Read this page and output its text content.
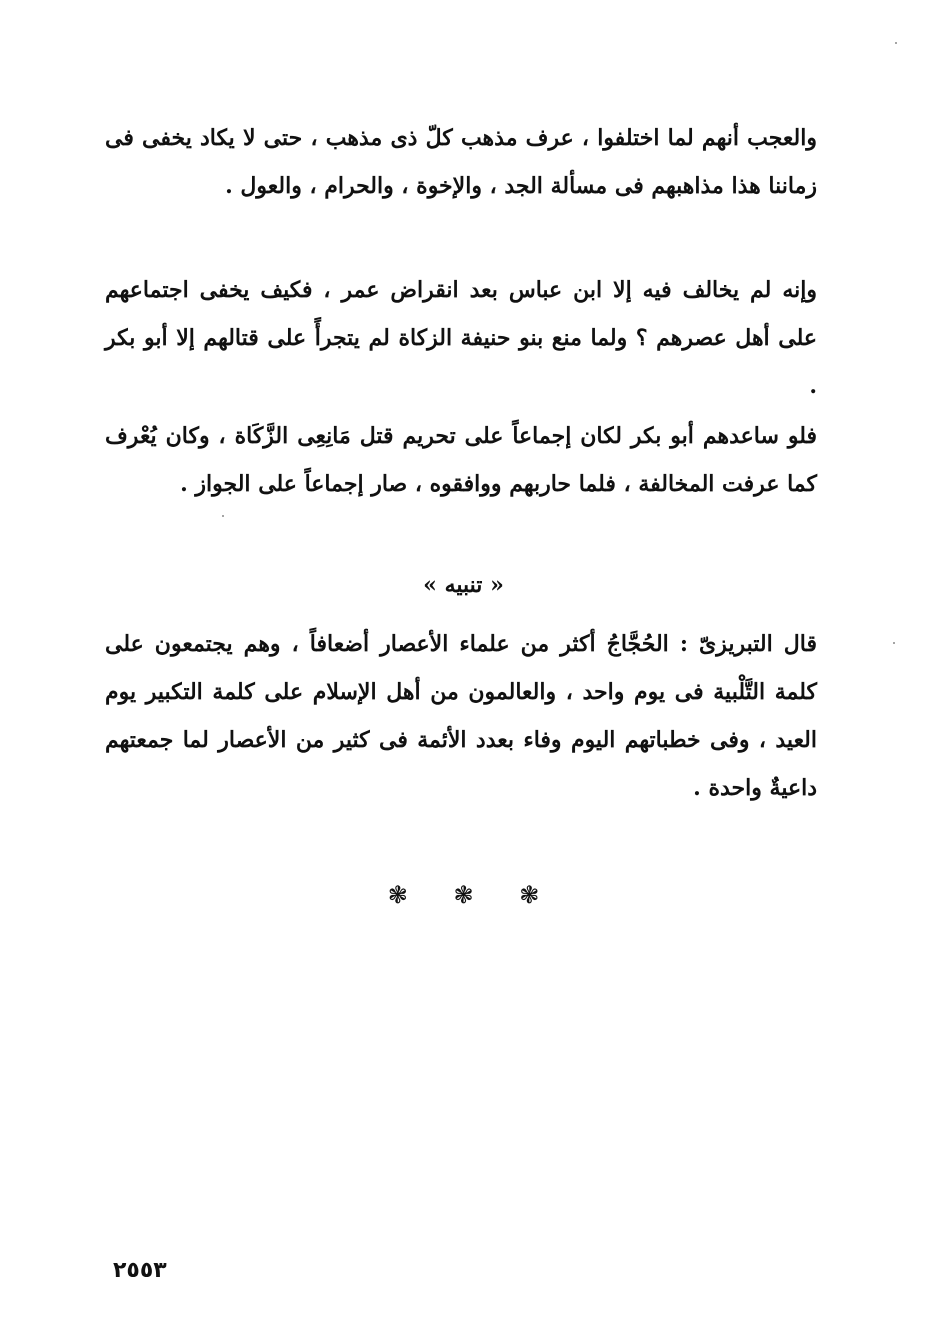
والعجب أنهم لما اختلفوا ، عرف مذهب كلّ ذى مذهب ، حتى لا يكاد يخفى فى زماننا هذا مذاهبهم فى مسألة الجد ، والإخوة ، والحرام ، والعول .

وإنه لم يخالف فيه إلا ابن عباس بعد انقراض عمر ، فكيف يخفى اجتماعهم على أهل عصرهم ؟ ولما منع بنو حنيفة الزكاة لم يتجرأً على قتالهم إلا أبو بكر .

فلو ساعدهم أبو بكر لكان إجماعاً على تحريم قتل مَانِعِى الزَّكَاة ، وكان يُعْرف كما عرفت المخالفة ، فلما حاربهم ووافقوه ، صار إجماعاً على الجواز .

« تنبيه »

قال التبريزىّ : الحُجَّاجُ أكثر من علماء الأعصار أضعافاً ، وهم يجتمعون على كلمة التَّلْبية فى يوم واحد ، والعالمون من أهل الإسلام على كلمة التكبير يوم العيد ، وفى خطباتهم اليوم وفاء بعدد الأئمة فى كثير من الأعصار لما جمعتهم داعيةٌ واحدة .

❃ ❃ ❃
٢٥٥٣
